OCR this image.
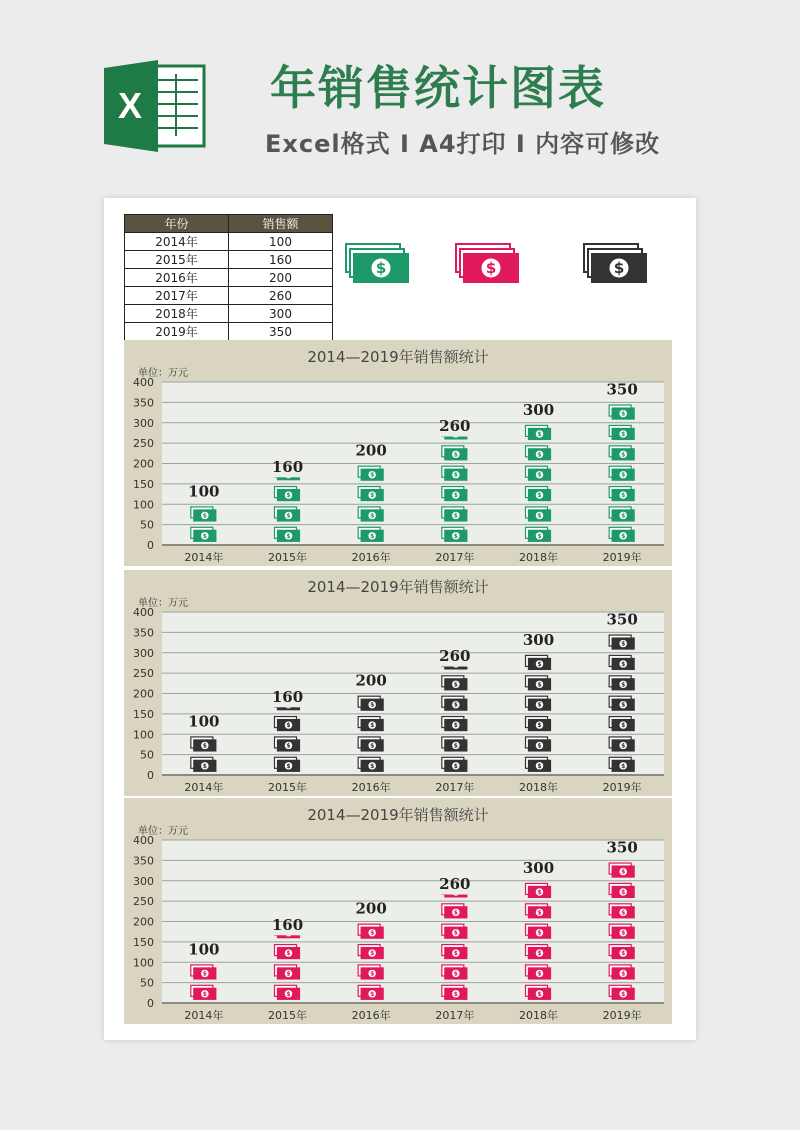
X	年销售统计图表
Excel格式 Ⅰ A4打印 Ⅰ 内容可修改
年份	销售额
2014年	100
2015年	160
2016年	200
2017年	260
2018年	300
2019年	350
$	$	$
2014—2019年销售额统计
单位：万元
0
50
100
150
200
250
300
350
400
$
$
100
2014年
$
$
$
160
2015年
$
$
$
$
200
2016年
$
$
$
$
$
260
2017年
$
$
$
$
$
$
300
2018年
$
$
$
$
$
$
$
350
2019年
2014—2019年销售额统计
单位：万元
0
50
100
150
200
250
300
350
400
$
$
100
2014年
$
$
$
160
2015年
$
$
$
$
200
2016年
$
$
$
$
$
260
2017年
$
$
$
$
$
$
300
2018年
$
$
$
$
$
$
$
350
2019年
2014—2019年销售额统计
单位：万元
0
50
100
150
200
250
300
350
400
$
$
100
2014年
$
$
$
160
2015年
$
$
$
$
200
2016年
$
$
$
$
$
260
2017年
$
$
$
$
$
$
300
2018年
$
$
$
$
$
$
$
350
2019年
